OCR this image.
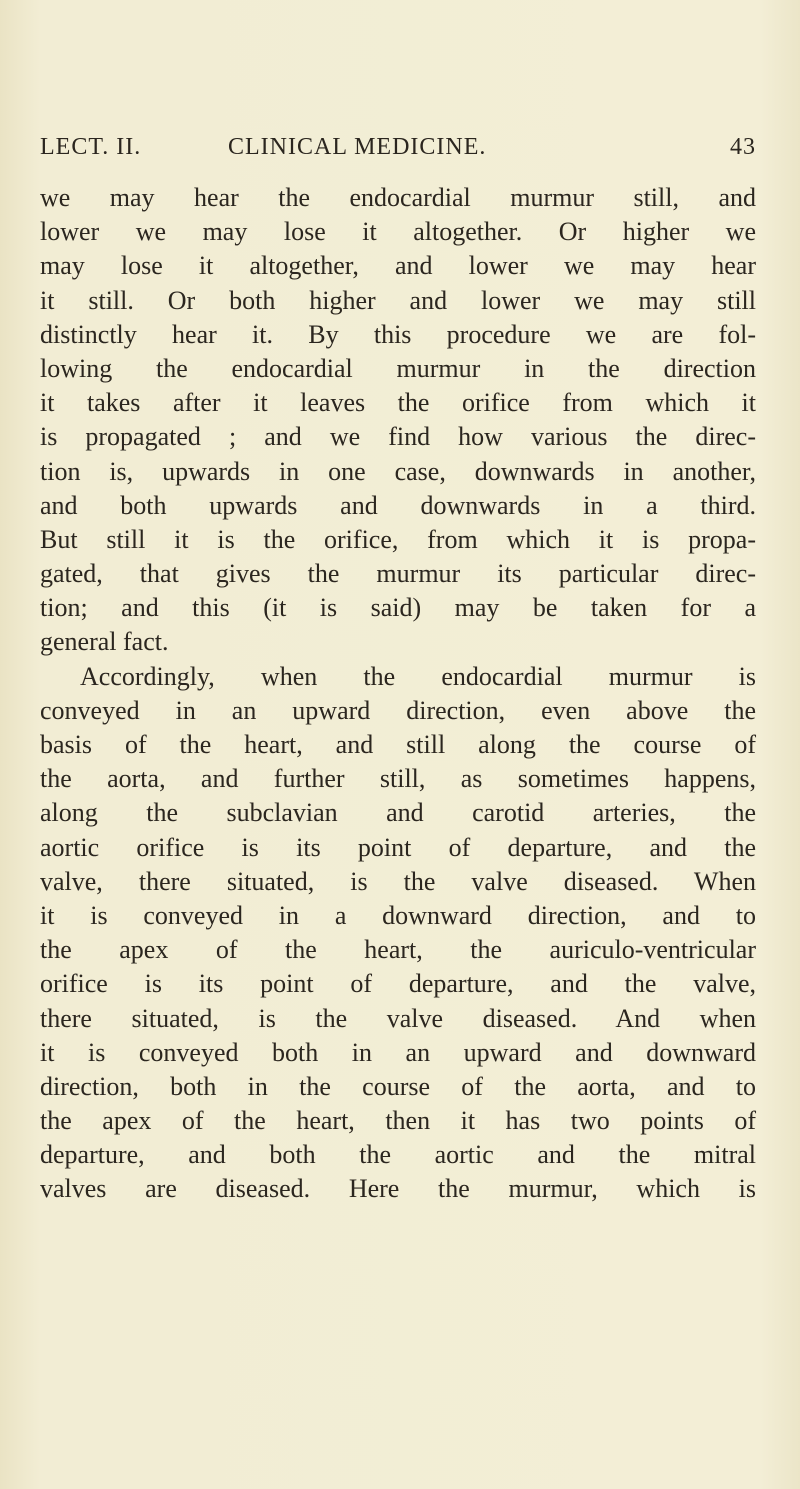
LECT. II.	CLINICAL MEDICINE.	43
we may hear the endocardial murmur still, and
lower we may lose it altogether. Or higher we
may lose it altogether, and lower we may hear
it still. Or both higher and lower we may still
distinctly hear it. By this procedure we are fol-
lowing the endocardial murmur in the direction
it takes after it leaves the orifice from which it
is propagated ; and we find how various the direc-
tion is, upwards in one case, downwards in another,
and both upwards and downwards in a third.
But still it is the orifice, from which it is propa-
gated, that gives the murmur its particular direc-
tion; and this (it is said) may be taken for a
general fact.
Accordingly, when the endocardial murmur is
conveyed in an upward direction, even above the
basis of the heart, and still along the course of
the aorta, and further still, as sometimes happens,
along the subclavian and carotid arteries, the
aortic orifice is its point of departure, and the
valve, there situated, is the valve diseased. When
it is conveyed in a downward direction, and to
the apex of the heart, the auriculo-ventricular
orifice is its point of departure, and the valve,
there situated, is the valve diseased. And when
it is conveyed both in an upward and downward
direction, both in the course of the aorta, and to
the apex of the heart, then it has two points of
departure, and both the aortic and the mitral
valves are diseased. Here the murmur, which is
